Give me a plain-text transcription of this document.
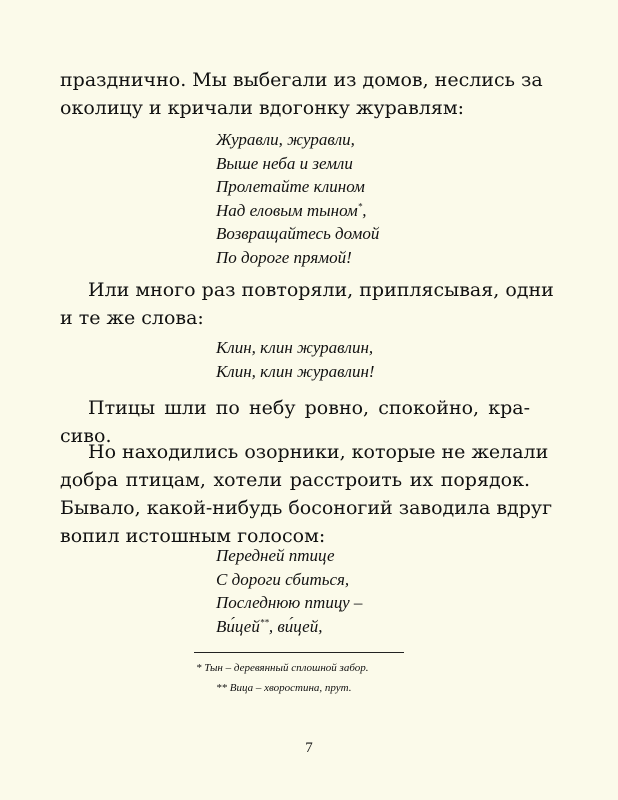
празднично. Мы выбегали из домов, неслись за
околицу и кричали вдогонку журавлям:
Журавли, журавли,
Выше неба и земли
Пролетайте клином
Над еловым тыном*,
Возвращайтесь домой
По дороге прямой!
Или много раз повторяли, приплясывая, одни
и те же слова:
Клин, клин журавлин,
Клин, клин журавлин!
Птицы шли по небу ровно, спокойно, кра-
сиво.
Но находились озорники, которые не желали
добра птицам, хотели расстроить их порядок.
Бывало, какой-нибудь босоногий заводила вдруг
вопил истошным голосом:
Передней птице
С дороги сбиться,
Последнюю птицу –
Ви́цей**, ви́цей,
* Тын – деревянный сплошной забор.
** Вица – хворостина, прут.
7
